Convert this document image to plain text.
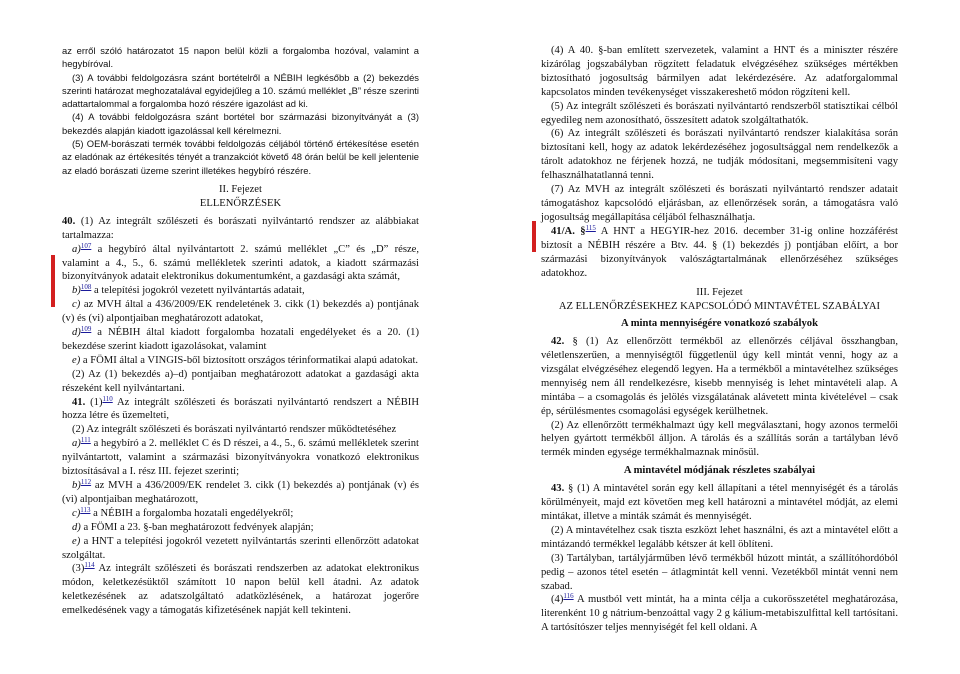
az erről szóló határozatot 15 napon belül közli a forgalomba hozóval, valamint a hegybíróval.

(3) A további feldolgozásra szánt bortételről a NÉBIH legkésőbb a (2) bekezdés szerinti határozat meghozatalával egyidejűleg a 10. számú melléklet „B” része szerinti adattartalommal a forgalomba hozó részére igazolást ad ki.

(4) A további feldolgozásra szánt bortétel bor származási bizonyítványát a (3) bekezdés alapján kiadott igazolással kell kérelmezni.

(5) OEM-borászati termék további feldolgozás céljából történő értékesítése esetén az eladónak az értékesítés tényét a tranzakciót követő 48 órán belül be kell jelentenie az eladó borászati üzeme szerint illetékes hegybíró részére.

II. Fejezet

ELLENŐRZÉSEK

40. (1) Az integrált szőlészeti és borászati nyilvántartó rendszer az alábbiakat tartalmazza:

a)$^{107}$ a hegybíró által nyilvántartott 2. számú melléklet „C” és „D” része, valamint a 4., 5., 6. számú mellékletek szerinti adatok, a kiadott származási bizonyítványok adatait elektronikus dokumentumként, a gazdasági akta számát,

b)$^{108}$ a telepítési jogokról vezetett nyilvántartás adatait,

c) az MVH által a 436/2009/EK rendeletének 3. cikk (1) bekezdés a) pontjának (v) és (vi) alpontjaiban meghatározott adatokat,

d)$^{109}$ a NÉBIH által kiadott forgalomba hozatali engedélyeket és a 20. (1) bekezdése szerint kiadott igazolásokat, valamint

e) a FÖMI által a VINGIS-ből biztosított országos térinformatikai alapú adatokat.

(2) Az (1) bekezdés a)–d) pontjaiban meghatározott adatokat a gazdasági akta részeként kell nyilvántartani.

41. $(1)^{110}$ Az integrált szőlészeti és borászati nyilvántartó rendszert a NÉBIH hozza létre és üzemelteti,

(2) Az integrált szőlészeti és borászati nyilvántartó rendszer működtetéséhez

a)$^{111}$ a hegybíró a 2. melléklet C és D részei, a 4., 5., 6. számú mellékletek szerint nyilvántartott, valamint a származási bizonyítványokra vonatkozó elektronikus biztosításával a I. rész III. fejezet szerinti;

b)$^{112}$ az MVH a 436/2009/EK rendelet 3. cikk (1) bekezdés a) pontjának (v) és (vi) alpontjaiban meghatározott,

c)$^{113}$ a NÉBIH a forgalomba hozatali engedélyekről;

d) a FÖMI a 23. §-ban meghatározott fedvények alapján;

e) a HNT a telepítési jogokról vezetett nyilvántartás szerinti ellenőrzött adatokat szolgáltat.

$(3)^{114}$ Az integrált szőlészeti és borászati rendszerben az adatokat elektronikus módon, keletkezésüktől számított 10 napon belül kell átadni. Az adatok keletkezésének az adatszolgáltató adatközlésének, a határozat jogerőre emelkedésének vagy a támogatás kifizetésének napját kell tekinteni.

(4) A 40. §-ban említett szervezetek, valamint a HNT és a miniszter részére kizárólag jogszabályban rögzített feladatuk elvégzéséhez szükséges mértékben biztosítható jogosultság bármilyen adat lekérdezésére. Az adatforgalommal kapcsolatos minden tevékenységet visszakereshető módon rögzíteni kell.

(5) Az integrált szőlészeti és borászati nyilvántartó rendszerből statisztikai célból egyedileg nem azonosítható, összesített adatok szolgáltathatók.

(6) Az integrált szőlészeti és borászati nyilvántartó rendszer kialakítása során biztosítani kell, hogy az adatok lekérdezéséhez jogosultsággal nem rendelkezők a tárolt adatokhoz ne férjenek hozzá, ne tudják módosítani, megsemmisíteni vagy felhasználhatatlanná tenni.

(7) Az MVH az integrált szőlészeti és borászati nyilvántartó rendszer adatait támogatáshoz kapcsolódó eljárásban, az ellenőrzések során, a támogatásra való jogosultság megállapítása céljából felhasználhatja.

41/A. §$^{115}$ A HNT a HEGYIR-hez 2016. december 31-ig online hozzáférést biztosít a NÉBIH részére a Btv. 44. § (1) bekezdés j) pontjában előírt, a bor származási bizonyítványok valószágtartalmának ellenőrzéséhez szükséges adatokhoz.

III. Fejezet

AZ ELLENŐRZÉSEKHEZ KAPCSOLÓDÓ MINTAVÉTEL SZABÁLYAI

A minta mennyiségére vonatkozó szabályok

42. § (1) Az ellenőrzött termékből az ellenőrzés céljával összhangban, véletlenszerűen, a mennyiségtől függetlenül úgy kell mintát venni, hogy az a vizsgálat elvégzéséhez elegendő legyen. Ha a termékből a mintavételhez szükséges mennyiség nem áll rendelkezésre, kisebb mennyiség is lehet mintavételi alap. A mintába – a csomagolás és jelölés vizsgálatának alávetett minta kivételével – csak ép, sérülésmentes csomagolási egységek kerülhetnek.

(2) Az ellenőrzött termékhalmazt úgy kell megválasztani, hogy azonos termelői helyen gyártott termékből álljon. A tárolás és a szállítás során a tartályban lévő termék minden egysége termékhalmaznak minősül.

A mintavétel módjának részletes szabályai

43. § (1) A mintavétel során egy kell állapítani a tétel mennyiségét és a tárolás körülményeit, majd ezt követően meg kell határozni a mintavétel módját, az elemi mintákat, illetve a minták számát és mennyiségét.

(2) A mintavételhez csak tiszta eszközt lehet használni, és azt a mintavétel előtt a mintázandó termékkel legalább kétszer át kell öblíteni.

(3) Tartályban, tartályjárműben lévő termékből húzott mintát, a szállítóhordóból pedig – azonos tétel esetén – átlagmintát kell venni. Vezetékből mintát venni nem szabad.

$(4)^{116}$ A mustból vett mintát, ha a minta célja a cukorösszetétel meghatározása, literenként 10 g nátrium-benzoáttal vagy 2 g kálium-metabiszulfittal kell tartósítani. A tartósítószer teljes mennyiségét fel kell oldani. A
